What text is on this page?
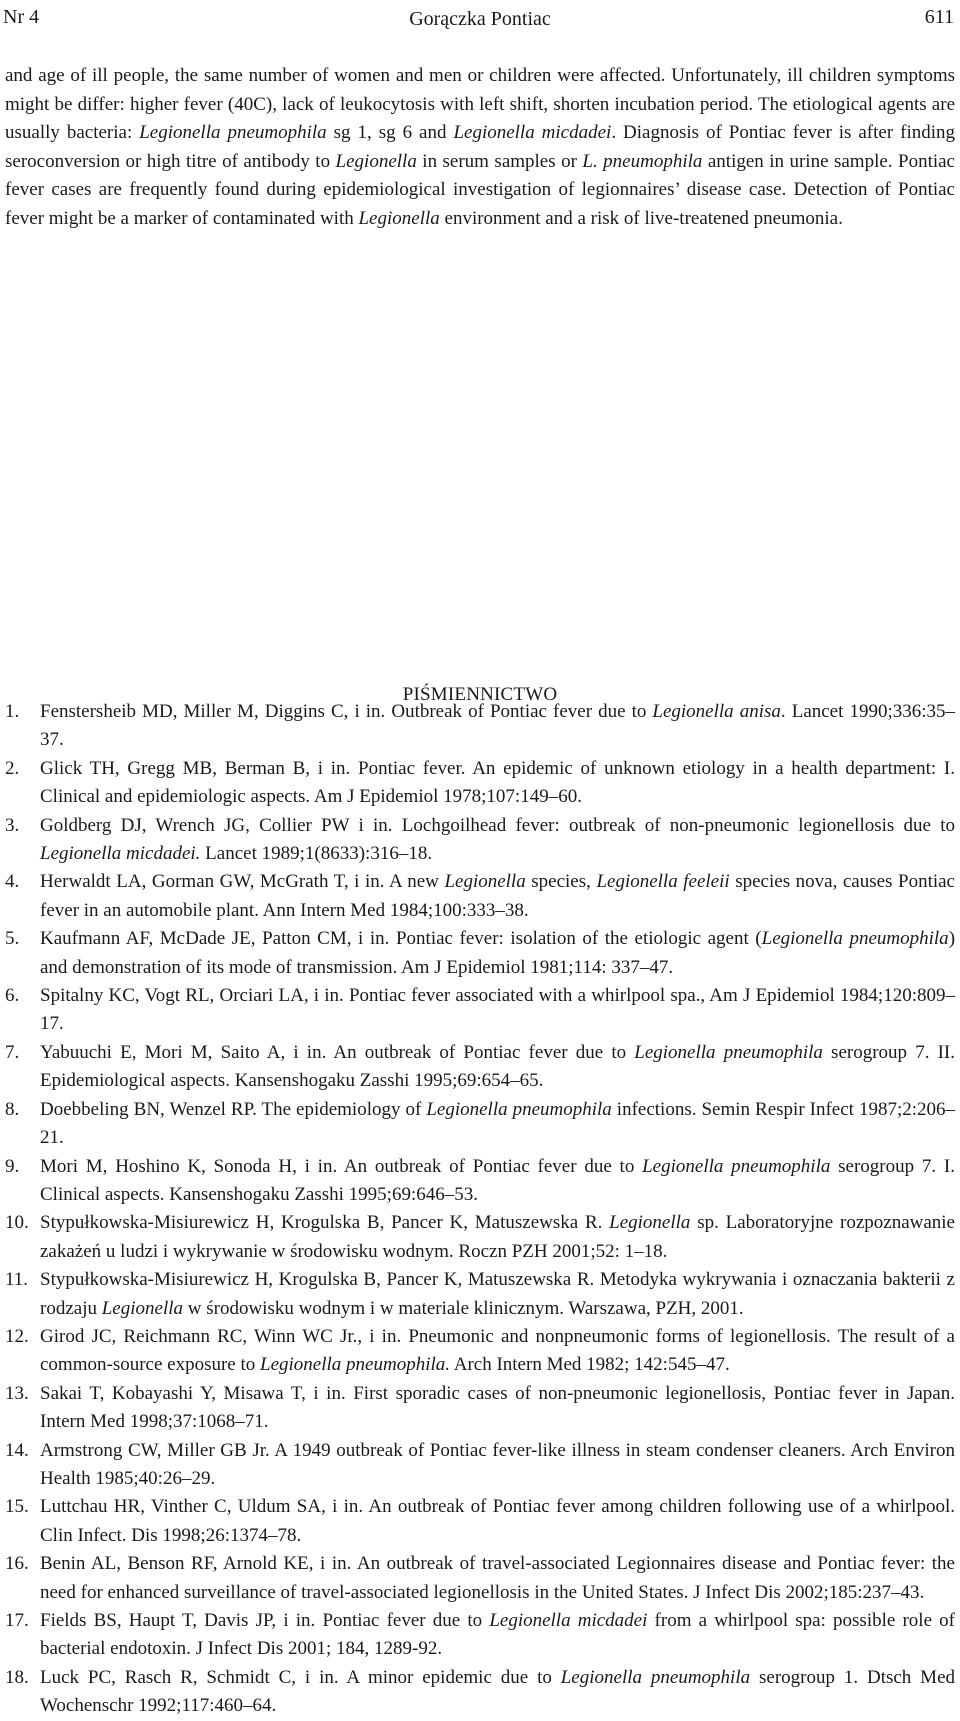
Nr 4	Gorączka Pontiac	611

and age of ill people, the same number of women and men or children were affected. Unfortunately, ill children symptoms might be differ: higher fever (40C), lack of leukocytosis with left shift, shorten incubation period. The etiological agents are usually bacteria: Legionella pneumophila sg 1, sg 6 and Legionella micdadei. Diagnosis of Pontiac fever is after finding seroconversion or high titre of antibody to Legionella in serum samples or L. pneumophila antigen in urine sample. Pontiac fever cases are frequently found during epidemiological investigation of legionnaires’ disease case. Detection of Pontiac fever might be a marker of contaminated with Legionella environment and a risk of live-treatened pneumonia.

PIŚMIENNICTWO
1.	Fenstersheib MD, Miller M, Diggins C, i in. Outbreak of Pontiac fever due to Legionella anisa. Lancet 1990;336:35–37.
2.	Glick TH, Gregg MB, Berman B, i in. Pontiac fever. An epidemic of unknown etiology in a health department: I. Clinical and epidemiologic aspects. Am J Epidemiol 1978;107:149–60.
3.	Goldberg DJ, Wrench JG, Collier PW i in. Lochgoilhead fever: outbreak of non-pneumonic legionellosis due to Legionella micdadei. Lancet 1989;1(8633):316–18.
4.	Herwaldt LA, Gorman GW, McGrath T, i in. A new Legionella species, Legionella feeleii species nova, causes Pontiac fever in an automobile plant. Ann Intern Med 1984;100:333–38.
5.	Kaufmann AF, McDade JE, Patton CM, i in. Pontiac fever: isolation of the etiologic agent (Legionella pneumophila) and demonstration of its mode of transmission. Am J Epidemiol 1981;114: 337–47.
6.	Spitalny KC, Vogt RL, Orciari LA, i in. Pontiac fever associated with a whirlpool spa., Am J Epidemiol 1984;120:809–17.
7.	Yabuuchi E, Mori M, Saito A, i in. An outbreak of Pontiac fever due to Legionella pneumophila serogroup 7. II. Epidemiological aspects. Kansenshogaku Zasshi 1995;69:654–65.
8.	Doebbeling BN, Wenzel RP. The epidemiology of Legionella pneumophila infections. Semin Respir Infect 1987;2:206–21.
9.	Mori M, Hoshino K, Sonoda H, i in. An outbreak of Pontiac fever due to Legionella pneumophila serogroup 7. I. Clinical aspects. Kansenshogaku Zasshi 1995;69:646–53.
10. Stypułkowska-Misiurewicz H, Krogulska B, Pancer K, Matuszewska R. Legionella sp. Laboratoryjne rozpoznawanie zakażeń u ludzi i wykrywanie w środowisku wodnym. Roczn PZH 2001;52: 1–18.
11. Stypułkowska-Misiurewicz H, Krogulska B, Pancer K, Matuszewska R. Metodyka wykrywania i oznaczania bakterii z rodzaju Legionella w środowisku wodnym i w materiale klinicznym. Warszawa, PZH, 2001.
12. Girod JC, Reichmann RC, Winn WC Jr., i in. Pneumonic and nonpneumonic forms of legionellosis. The result of a common-source exposure to Legionella pneumophila. Arch Intern Med 1982; 142:545–47.
13. Sakai T, Kobayashi Y, Misawa T, i in. First sporadic cases of non-pneumonic legionellosis, Pontiac fever in Japan. Intern Med 1998;37:1068–71.
14. Armstrong CW, Miller GB Jr. A 1949 outbreak of Pontiac fever-like illness in steam condenser cleaners. Arch Environ Health 1985;40:26–29.
15. Luttchau HR, Vinther C, Uldum SA, i in. An outbreak of Pontiac fever among children following use of a whirlpool. Clin Infect. Dis 1998;26:1374–78.
16. Benin AL, Benson RF, Arnold KE, i in. An outbreak of travel-associated Legionnaires disease and Pontiac fever: the need for enhanced surveillance of travel-associated legionellosis in the United States. J Infect Dis 2002;185:237–43.
17. Fields BS, Haupt T, Davis JP, i in. Pontiac fever due to Legionella micdadei from a whirlpool spa: possible role of bacterial endotoxin. J Infect Dis 2001; 184, 1289-92.
18. Luck PC, Rasch R, Schmidt C, i in. A minor epidemic due to Legionella pneumophila serogroup 1. Dtsch Med Wochenschr 1992;117:460–64.
